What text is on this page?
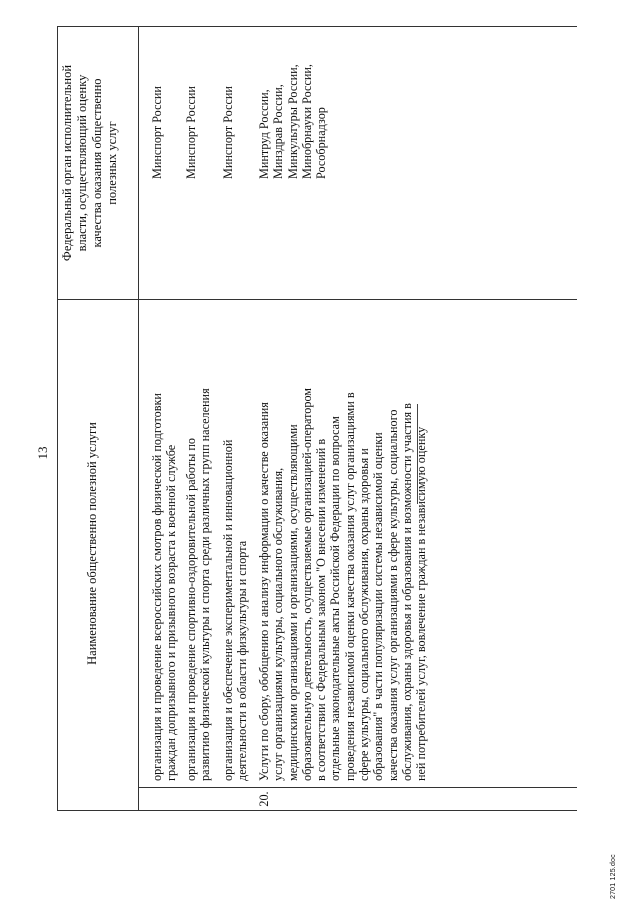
13	Наименование общественно полезной услуги
Федеральный орган исполнительной власти, осуществляющий оценку качества оказания общественно полезных услуг
организация и проведение всероссийских смотров физической подготовки граждан допризывного и призывного возраста к военной службе
Минспорт России
организация и проведение спортивно-оздоровительной работы по развитию физической культуры и спорта среди различных групп населения
Минспорт России
организация и обеспечение экспериментальной и инновационной деятельности в области физкультуры и спорта
Минспорт России
20.
Услуги по сбору, обобщению и анализу информации о качестве оказания услуг организациями культуры, социального обслуживания, медицинскими организациями и организациями, осуществляющими образовательную деятельность, осуществляемые организацией-оператором в соответствии с Федеральным законом "О внесении изменений в отдельные законодательные акты Российской Федерации по вопросам проведения независимой оценки качества оказания услуг организациями в сфере культуры, социального обслуживания, охраны здоровья и образования" в части популяризации системы независимой оценки качества оказания услуг организациями в сфере культуры, социального обслуживания, охраны здоровья и образования и возможности участия в ней потребителей услуг, вовлечение граждан в независимую оценку
Минтруд России, Минздрав России, Минкультуры России, Минобрнауки России, Рособрнадзор
2701 125.doc
